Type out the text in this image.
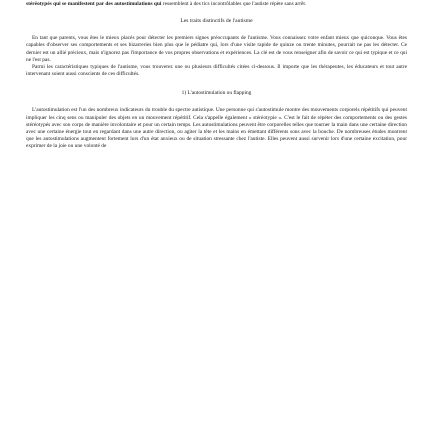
stéréotypés qui se manifestent par des autostimulations qui ressemblent à des tics incontrôlables que l'autiste répète sans arrêt.

Les traits distinctifs de l'autisme

En tant que parents, vous êtes le mieux placés pour détecter les premiers signes préoccupants de l'autisme. Vous connaissez votre enfant mieux que quiconque. Vous êtes capables d'observer ses comportements et ses bizarreries bien plus que le pédiatre qui, lors d'une visite rapide de quinze ou trente minutes, pourrait ne pas les détecter. Ce dernier est un allié précieux, mais n'ignorez pas l'importance de vos propres observations et expériences. La clé est de vous renseigner afin de savoir ce qui est typique et ce qui ne l'est pas.

Parmi les caractéristiques typiques de l'autisme, vous trouverez une ou plusieurs difficultés citées ci-dessous. Il importe que les thérapeutes, les éducateurs et tout autre intervenant soient aussi conscients de ces difficultés.

1) L'autostimulation ou flapping

L'autostimulation est l'un des nombreux indicateurs du trouble du spectre autistique. Une personne qui s'autostimule montre des mouvements corporels répétitifs qui peuvent impliquer les cinq sens ou manipuler des objets en un mouvement répétitif. Cela s'appelle également « stéréotypie ». C'est le fait de répéter des comportements ou des gestes stéréotypés avec son corps de manière involontaire et pour un certain temps. Les autostimulations peuvent être corporelles telles que tourner la main dans une certaine direction avec une certaine énergie tout en regardant dans une autre direction, ou agiter la tête et les mains en émettant différents sons avec la bouche. De nombreuses études montrent que les autostimulations augmentent fortement lors d'un état anxieux ou de situation stressante chez l'autiste. Elles peuvent aussi survenir lors d'une certaine excitation, pour exprimer de la joie ou une volonté de
